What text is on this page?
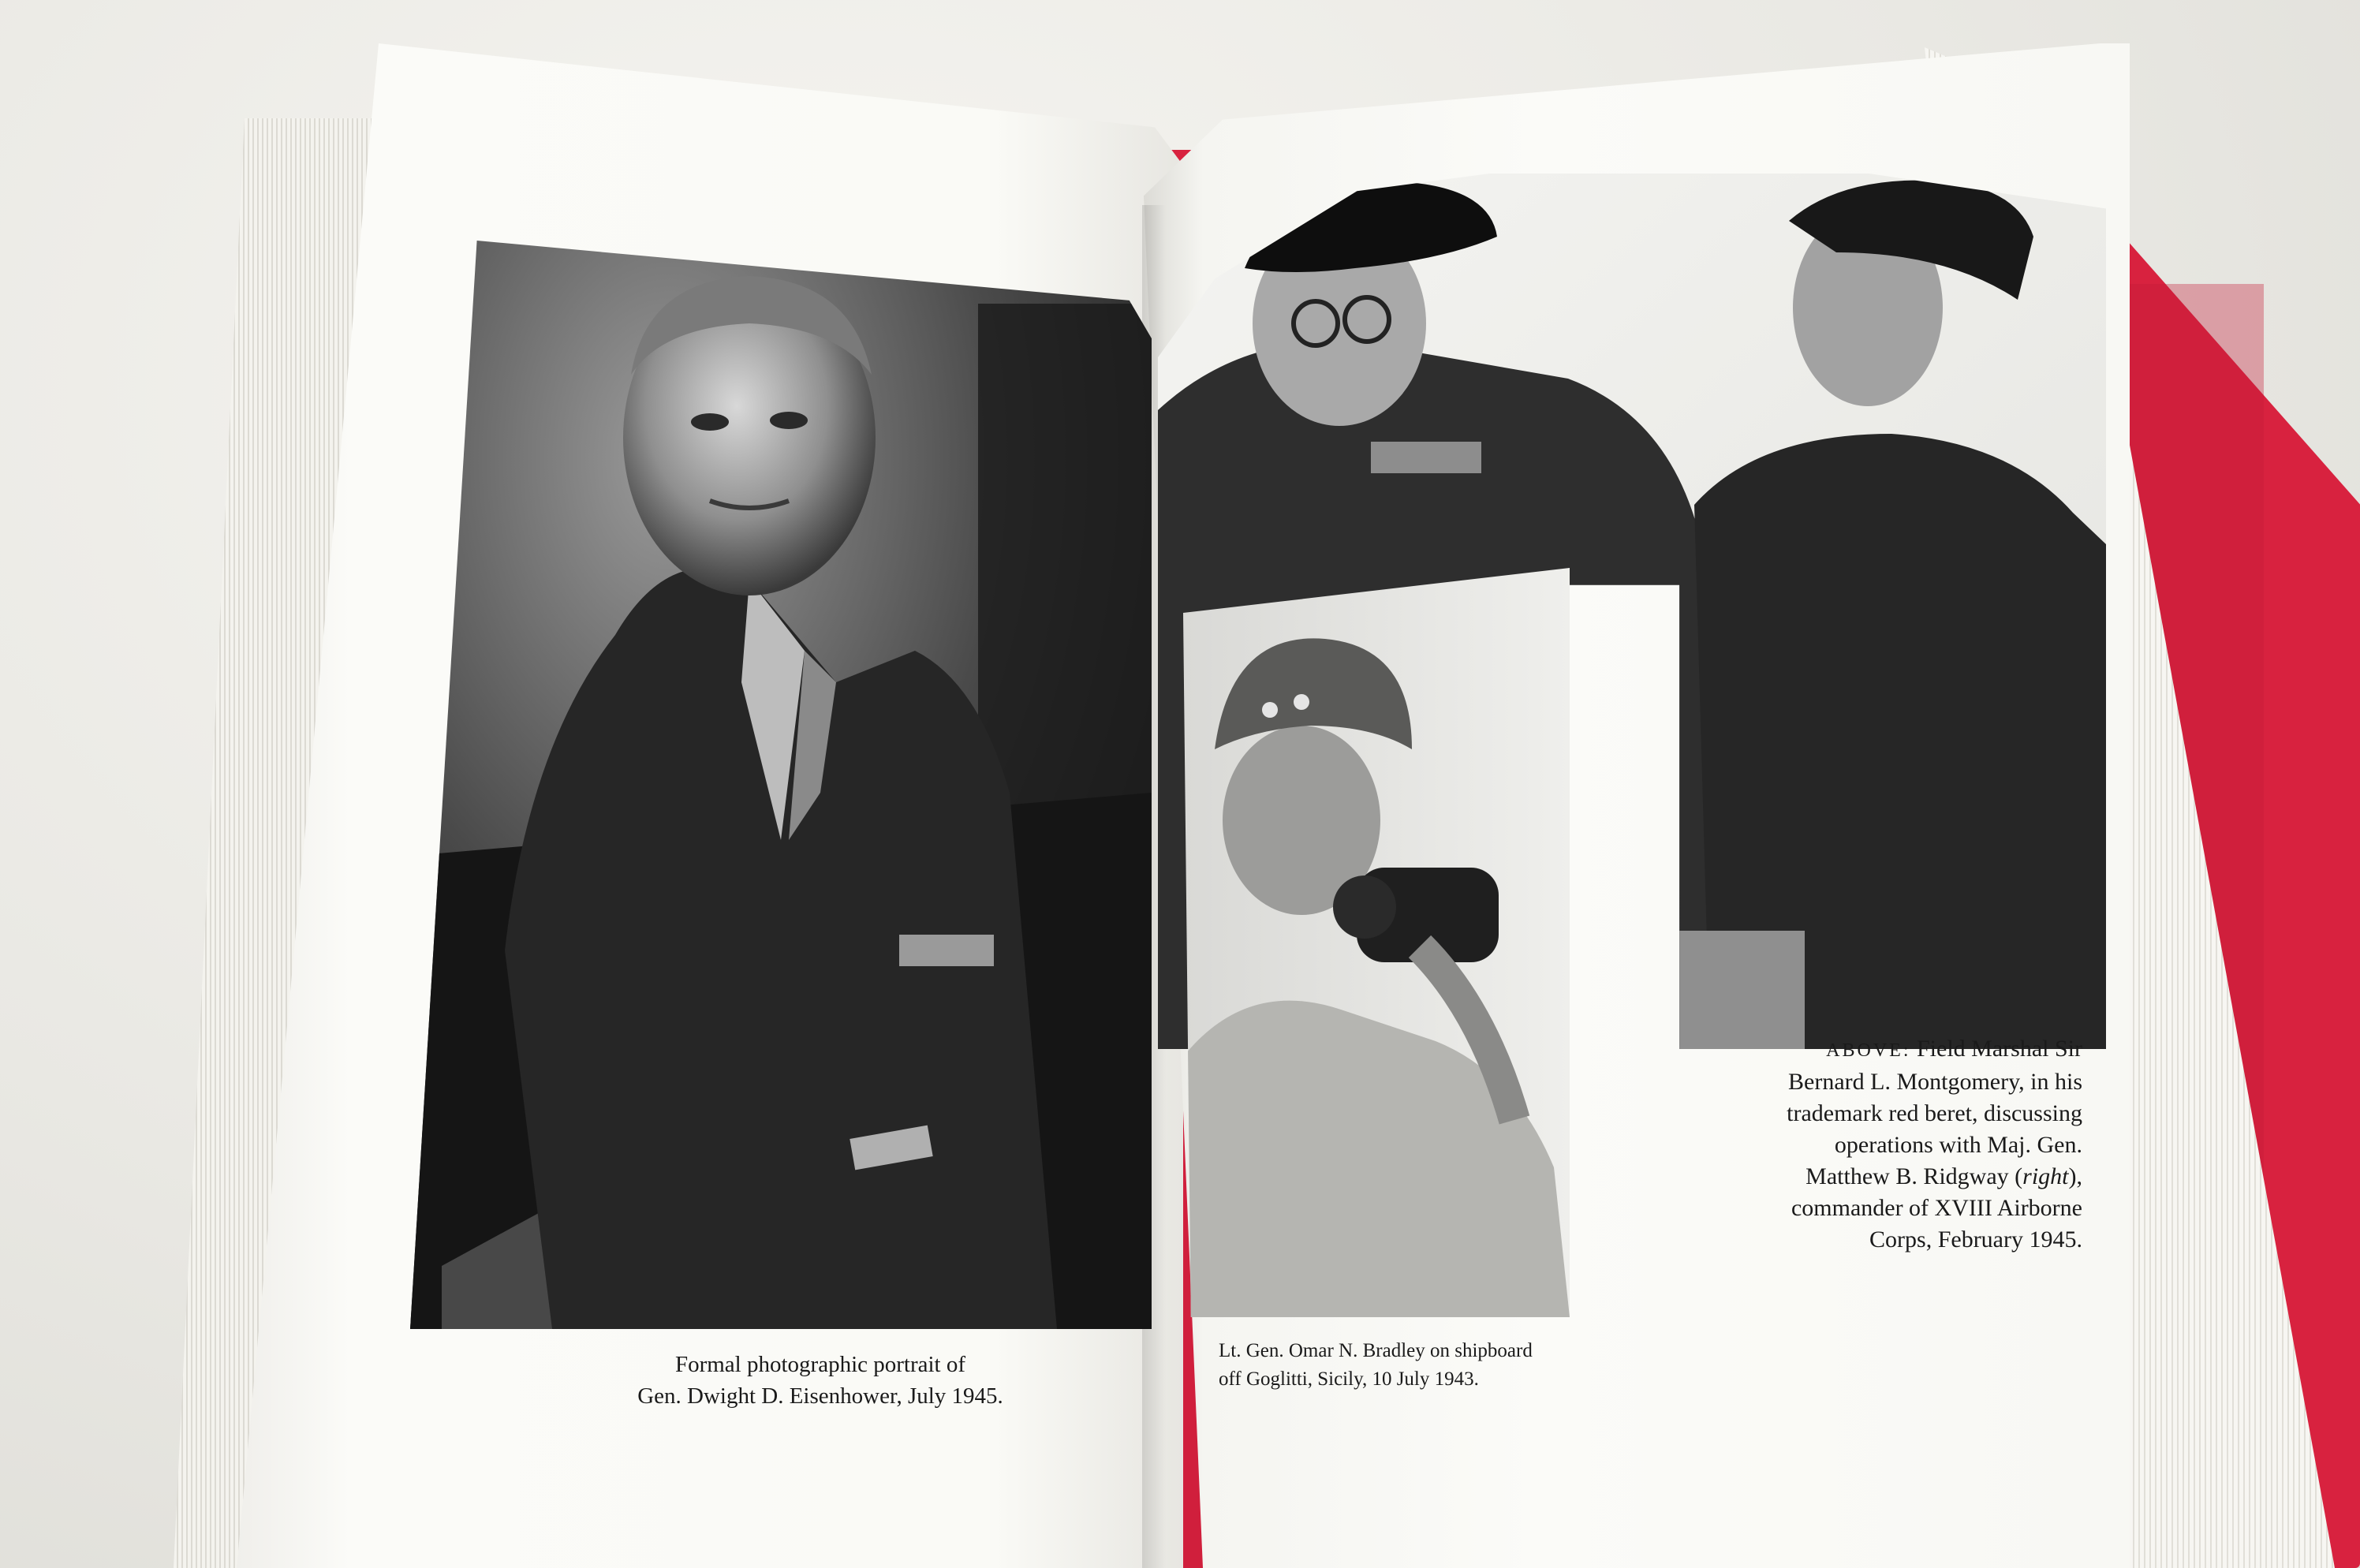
Formal photographic portrait of
Gen. Dwight D. Eisenhower, July 1945.
Lt. Gen. Omar N. Bradley on shipboard
off Goglitti, Sicily, 10 July 1943.
ABOVE: Field Marshal Sir
Bernard L. Montgomery, in his
trademark red beret, discussing
operations with Maj. Gen.
Matthew B. Ridgway (right),
commander of XVIII Airborne
Corps, February 1945.
